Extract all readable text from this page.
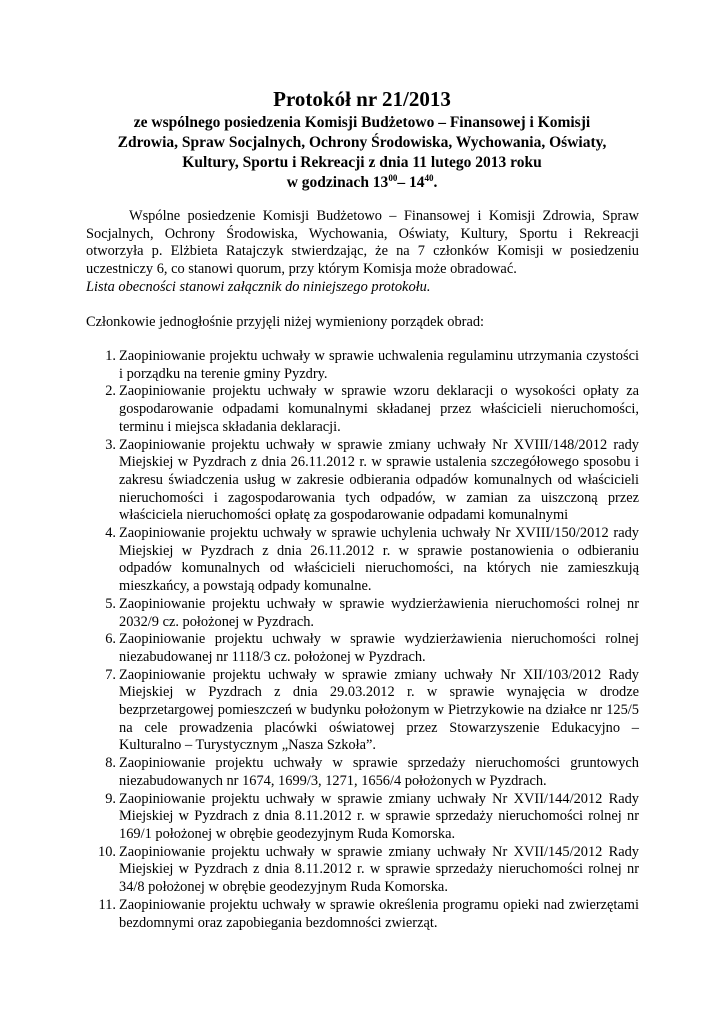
Protokół nr 21/2013
ze wspólnego posiedzenia Komisji Budżetowo – Finansowej i Komisji
Zdrowia, Spraw Socjalnych, Ochrony Środowiska, Wychowania, Oświaty,
Kultury, Sportu i Rekreacji z dnia 11 lutego 2013 roku
w godzinach $13^{00}-$ $14^{40}$.
Wspólne posiedzenie Komisji Budżetowo – Finansowej i Komisji Zdrowia, Spraw Socjalnych, Ochrony Środowiska, Wychowania, Oświaty, Kultury, Sportu i Rekreacji otworzyła p. Elżbieta Ratajczyk stwierdzając, że na 7 członków Komisji w posiedzeniu uczestniczy 6, co stanowi quorum, przy którym Komisja może obradować.
Lista obecności stanowi załącznik do niniejszego protokołu.
Członkowie jednogłośnie przyjęli niżej wymieniony porządek obrad:
1. Zaopiniowanie projektu uchwały w sprawie uchwalenia regulaminu utrzymania czystości i porządku na terenie gminy Pyzdry.
2. Zaopiniowanie projektu uchwały w sprawie wzoru deklaracji o wysokości opłaty za gospodarowanie odpadami komunalnymi składanej przez właścicieli nieruchomości, terminu i miejsca składania deklaracji.
3. Zaopiniowanie projektu uchwały w sprawie zmiany uchwały Nr XVIII/148/2012 rady Miejskiej w Pyzdrach z dnia 26.11.2012 r. w sprawie ustalenia szczegółowego sposobu i zakresu świadczenia usług w zakresie odbierania odpadów komunalnych od właścicieli nieruchomości i zagospodarowania tych odpadów, w zamian za uiszczoną przez właściciela nieruchomości opłatę za gospodarowanie odpadami komunalnymi
4. Zaopiniowanie projektu uchwały w sprawie uchylenia uchwały Nr XVIII/150/2012 rady Miejskiej w Pyzdrach z dnia 26.11.2012 r. w sprawie postanowienia o odbieraniu odpadów komunalnych od właścicieli nieruchomości, na których nie zamieszkują mieszkańcy, a powstają odpady komunalne.
5. Zaopiniowanie projektu uchwały w sprawie wydzierżawienia nieruchomości rolnej nr 2032/9 cz. położonej w Pyzdrach.
6. Zaopiniowanie projektu uchwały w sprawie wydzierżawienia nieruchomości rolnej niezabudowanej nr 1118/3 cz. położonej w Pyzdrach.
7. Zaopiniowanie projektu uchwały w sprawie zmiany uchwały Nr XII/103/2012 Rady Miejskiej w Pyzdrach z dnia 29.03.2012 r. w sprawie wynajęcia w drodze bezprzetargowej pomieszczeń w budynku położonym w Pietrzykowie na działce nr 125/5 na cele prowadzenia placówki oświatowej przez Stowarzyszenie Edukacyjno – Kulturalno – Turystycznym „Nasza Szkoła”.
8. Zaopiniowanie projektu uchwały w sprawie sprzedaży nieruchomości gruntowych niezabudowanych nr 1674, 1699/3, 1271, 1656/4 położonych w Pyzdrach.
9. Zaopiniowanie projektu uchwały w sprawie zmiany uchwały Nr XVII/144/2012 Rady Miejskiej w Pyzdrach z dnia 8.11.2012 r. w sprawie sprzedaży nieruchomości rolnej nr 169/1 położonej w obrębie geodezyjnym Ruda Komorska.
10. Zaopiniowanie projektu uchwały w sprawie zmiany uchwały Nr XVII/145/2012 Rady Miejskiej w Pyzdrach z dnia 8.11.2012 r. w sprawie sprzedaży nieruchomości rolnej nr 34/8 położonej w obrębie geodezyjnym Ruda Komorska.
11. Zaopiniowanie projektu uchwały w sprawie określenia programu opieki nad zwierzętami bezdomnymi oraz zapobiegania bezdomności zwierząt.
